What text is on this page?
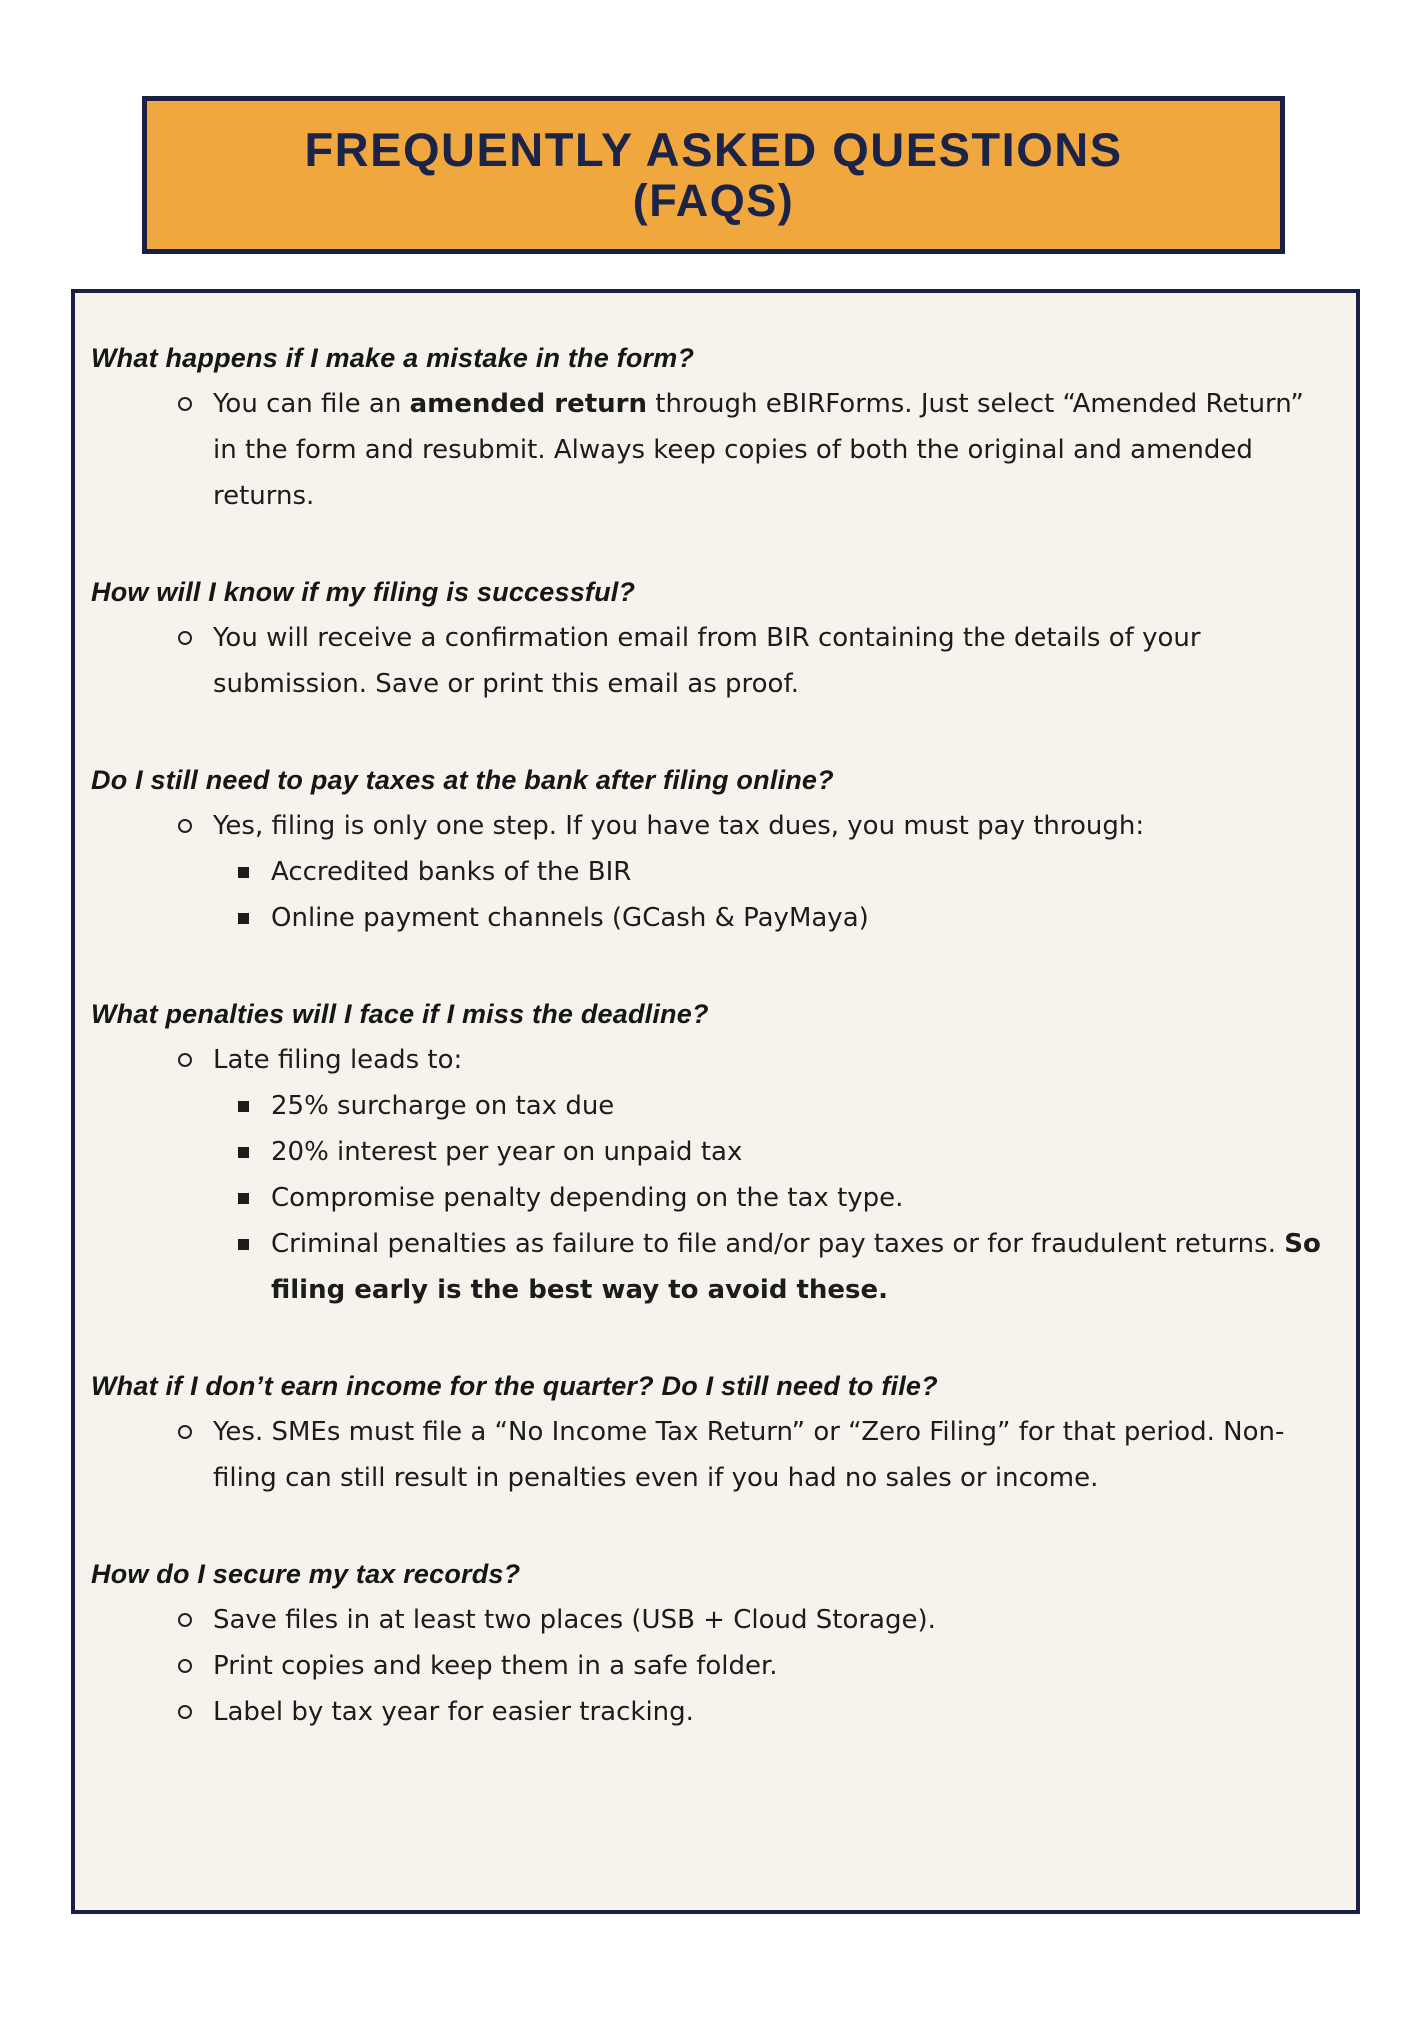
FREQUENTLY ASKED QUESTIONS
(FAQS)
What happens if I make a mistake in the form?
You can file an amended return through eBIRForms. Just select “Amended Return” in the form and resubmit. Always keep copies of both the original and amended returns.
How will I know if my filing is successful?
You will receive a confirmation email from BIR containing the details of your submission. Save or print this email as proof.
Do I still need to pay taxes at the bank after filing online?
Yes, filing is only one step. If you have tax dues, you must pay through:
Accredited banks of the BIR
Online payment channels (GCash & PayMaya)
What penalties will I face if I miss the deadline?
Late filing leads to:
25% surcharge on tax due
20% interest per year on unpaid tax
Compromise penalty depending on the tax type.
Criminal penalties as failure to file and/or pay taxes or for fraudulent returns. So filing early is the best way to avoid these.
What if I don’t earn income for the quarter? Do I still need to file?
Yes. SMEs must file a “No Income Tax Return” or “Zero Filing” for that period. Non-filing can still result in penalties even if you had no sales or income.
How do I secure my tax records?
Save files in at least two places (USB + Cloud Storage).
Print copies and keep them in a safe folder.
Label by tax year for easier tracking.
